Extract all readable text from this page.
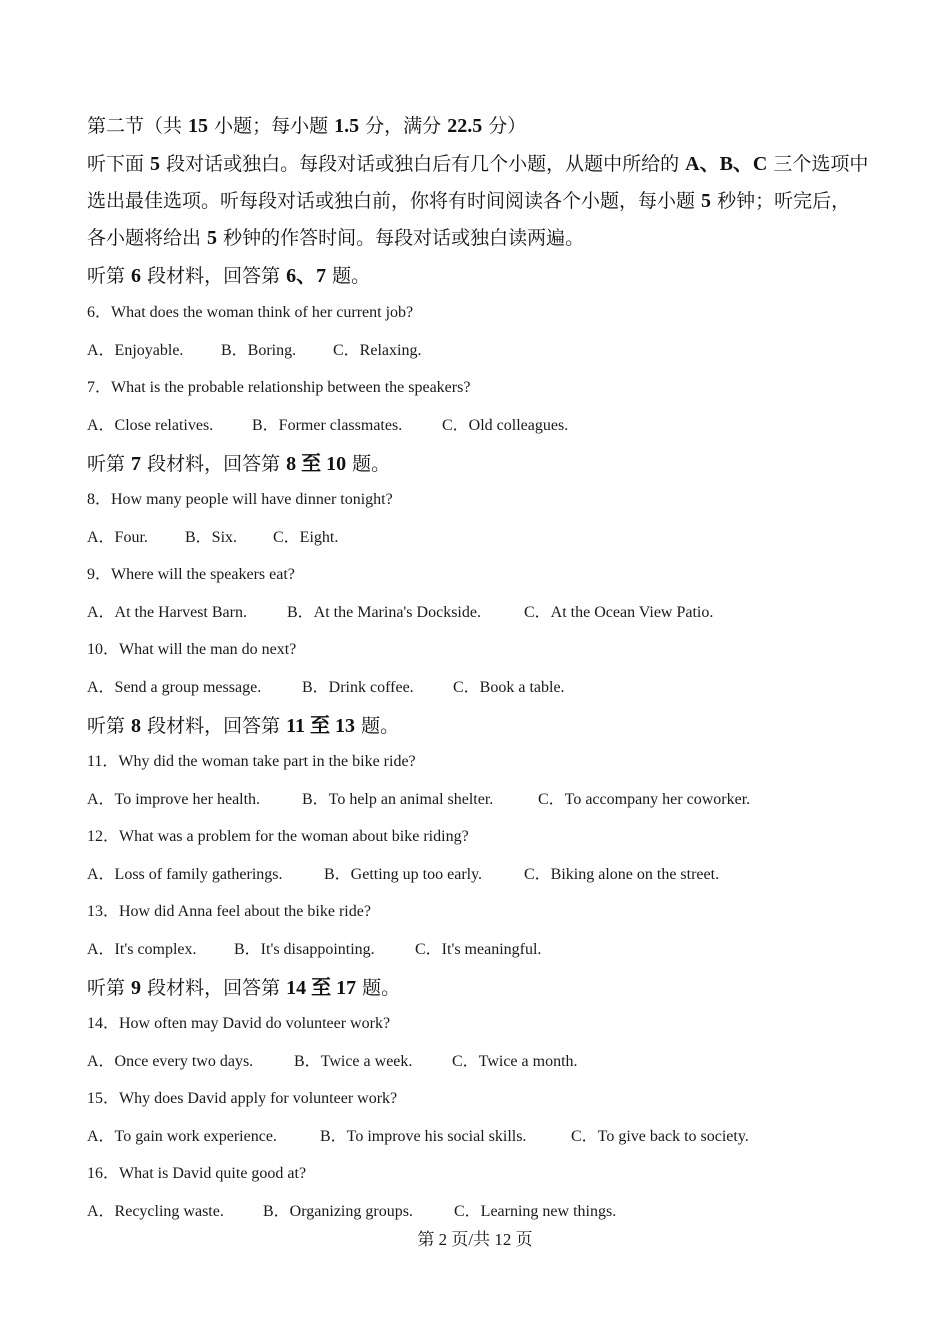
第二节（共 15 小题；每小题 1.5 分，满分 22.5 分）
听下面 5 段对话或独白。每段对话或独白后有几个小题，从题中所给的 A、B、C 三个选项中
选出最佳选项。听每段对话或独白前，你将有时间阅读各个小题，每小题 5 秒钟；听完后，
各小题将给出 5 秒钟的作答时间。每段对话或独白读两遍。
听第 6 段材料，回答第 6、7 题。
6．What does the woman think of her current job?
A．Enjoyable. B．Boring. C．Relaxing.
7．What is the probable relationship between the speakers?
A．Close relatives. B．Former classmates. C．Old colleagues.
听第 7 段材料，回答第 8 至 10 题。
8．How many people will have dinner tonight?
A．Four. B．Six. C．Eight.
9．Where will the speakers eat?
A．At the Harvest Barn.	B．At the Marina's Dockside.	C．At the Ocean View Patio.
10．What will the man do next?
A．Send a group message.	B．Drink coffee. C．Book a table.
听第 8 段材料，回答第 11 至 13 题。
11．Why did the woman take part in the bike ride?
A．To improve her health.	B．To help an animal shelter.	C．To accompany her coworker.
12．What was a problem for the woman about bike riding?
A．Loss of family gatherings.	B．Getting up too early.	C．Biking alone on the street.
13．How did Anna feel about the bike ride?
A．It's complex. B．It's disappointing.	C．It's meaningful.
听第 9 段材料，回答第 14 至 17 题。
14．How often may David do volunteer work?
A．Once every two days.	B．Twice a week. C．Twice a month.
15．Why does David apply for volunteer work?
A．To gain work experience.	B．To improve his social skills.	C．To give back to society.
16．What is David quite good at?
A．Recycling waste. B．Organizing groups.	C．Learning new things.
第 2 页/共 12 页
